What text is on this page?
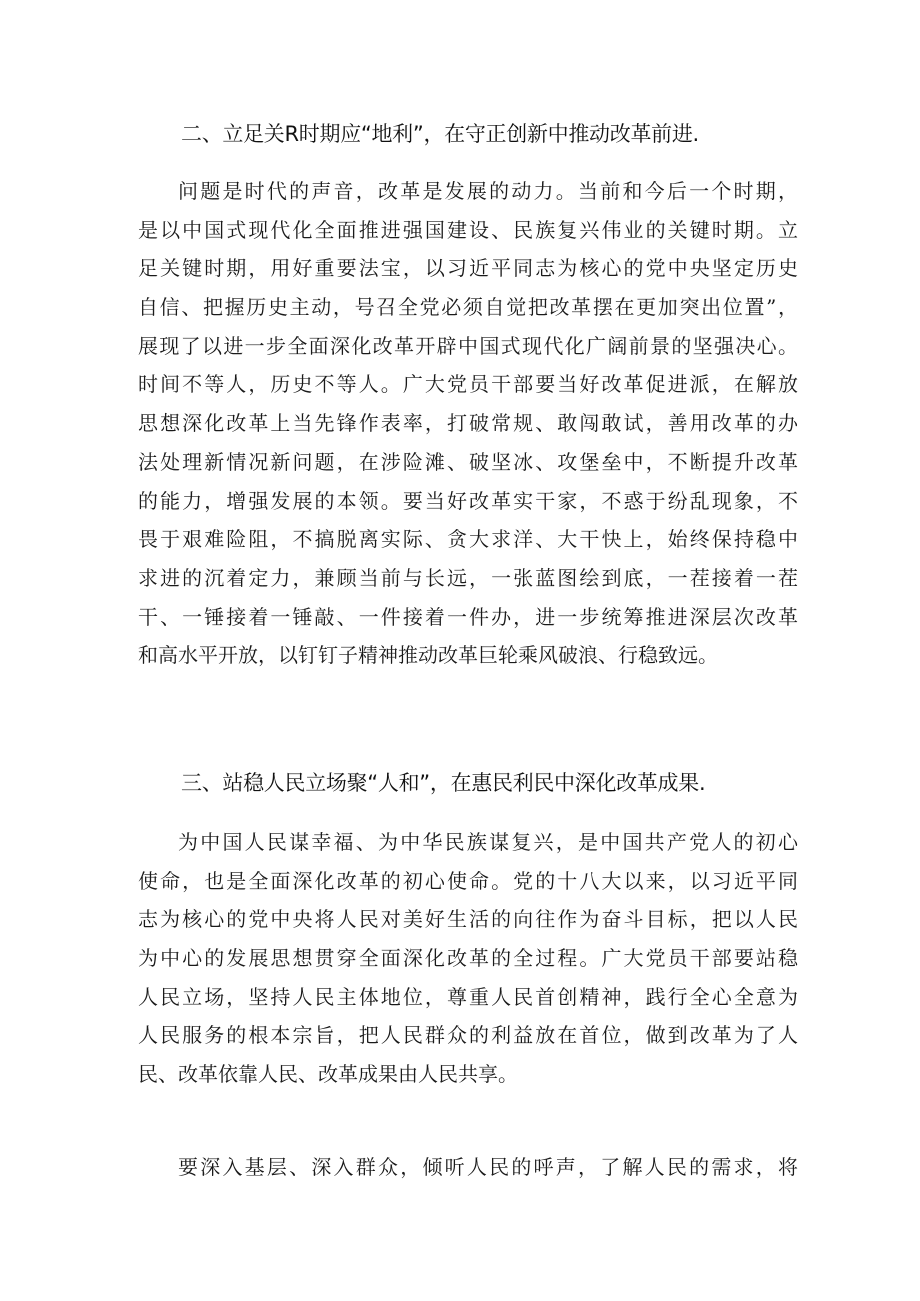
二、立足关R时期应“地利”，在守正创新中推动改革前进.
问题是时代的声音，改革是发展的动力。当前和今后一个时期，
是以中国式现代化全面推进强国建设、民族复兴伟业的关键时期。立
足关键时期，用好重要法宝，以习近平同志为核心的党中央坚定历史
自信、把握历史主动，号召全党必须自觉把改革摆在更加突出位置”，
展现了以进一步全面深化改革开辟中国式现代化广阔前景的坚强决心。
时间不等人，历史不等人。广大党员干部要当好改革促进派，在解放
思想深化改革上当先锋作表率，打破常规、敢闯敢试，善用改革的办
法处理新情况新问题，在涉险滩、破坚冰、攻堡垒中，不断提升改革
的能力，增强发展的本领。要当好改革实干家，不惑于纷乱现象，不
畏于艰难险阻，不搞脱离实际、贪大求洋、大干快上，始终保持稳中
求进的沉着定力，兼顾当前与长远，一张蓝图绘到底，一茬接着一茬
干、一锤接着一锤敲、一件接着一件办，进一步统筹推进深层次改革
和高水平开放，以钉钉子精神推动改革巨轮乘风破浪、行稳致远。
三、站稳人民立场聚“人和”，在惠民利民中深化改革成果.
为中国人民谋幸福、为中华民族谋复兴，是中国共产党人的初心
使命，也是全面深化改革的初心使命。党的十八大以来，以习近平同
志为核心的党中央将人民对美好生活的向往作为奋斗目标，把以人民
为中心的发展思想贯穿全面深化改革的全过程。广大党员干部要站稳
人民立场，坚持人民主体地位，尊重人民首创精神，践行全心全意为
人民服务的根本宗旨，把人民群众的利益放在首位，做到改革为了人
民、改革依靠人民、改革成果由人民共享。
要深入基层、深入群众，倾听人民的呼声，了解人民的需求，将
